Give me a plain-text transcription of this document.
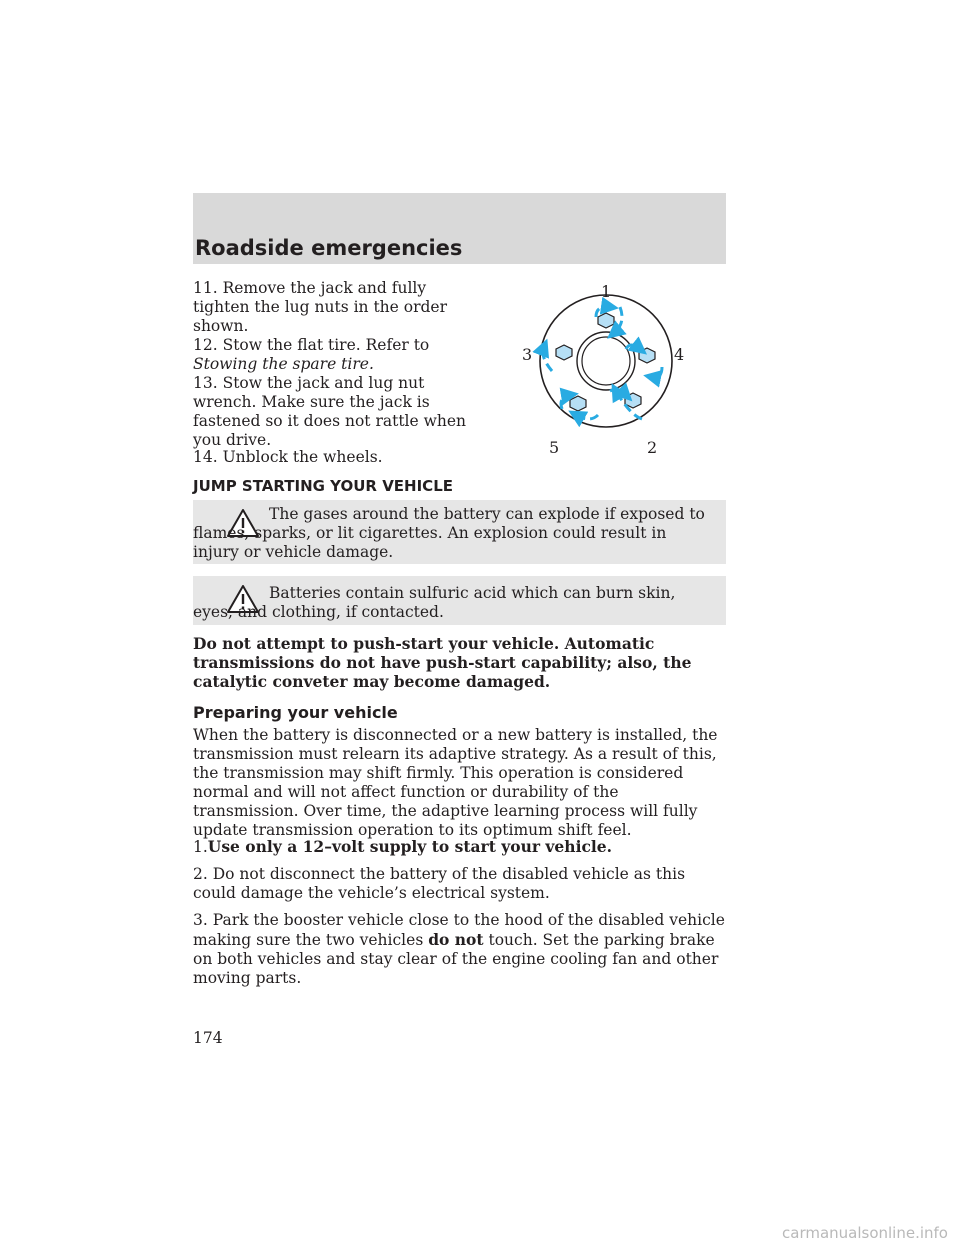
Roadside emergencies

11. Remove the jack and fully tighten the lug nuts in the order shown.

12. Stow the flat tire. Refer to Stowing the spare tire.

13. Stow the jack and lug nut wrench. Make sure the jack is fastened so it does not rattle when you drive.

14. Unblock the wheels.

1
2
3	4
5
JUMP STARTING YOUR VEHICLE

The gases around the battery can explode if exposed to flames, sparks, or lit cigarettes. An explosion could result in injury or vehicle damage.

Batteries contain sulfuric acid which can burn skin, eyes, and clothing, if contacted.

Do not attempt to push-start your vehicle. Automatic transmissions do not have push-start capability; also, the catalytic conveter may become damaged.

Preparing your vehicle

When the battery is disconnected or a new battery is installed, the transmission must relearn its adaptive strategy. As a result of this, the transmission may shift firmly. This operation is considered normal and will not affect function or durability of the transmission. Over time, the adaptive learning process will fully update transmission operation to its optimum shift feel.

1.Use only a 12–volt supply to start your vehicle.

2. Do not disconnect the battery of the disabled vehicle as this could damage the vehicle’s electrical system.

3. Park the booster vehicle close to the hood of the disabled vehicle making sure the two vehicles do not touch. Set the parking brake on both vehicles and stay clear of the engine cooling fan and other moving parts.

174

carmanualsonline.info
